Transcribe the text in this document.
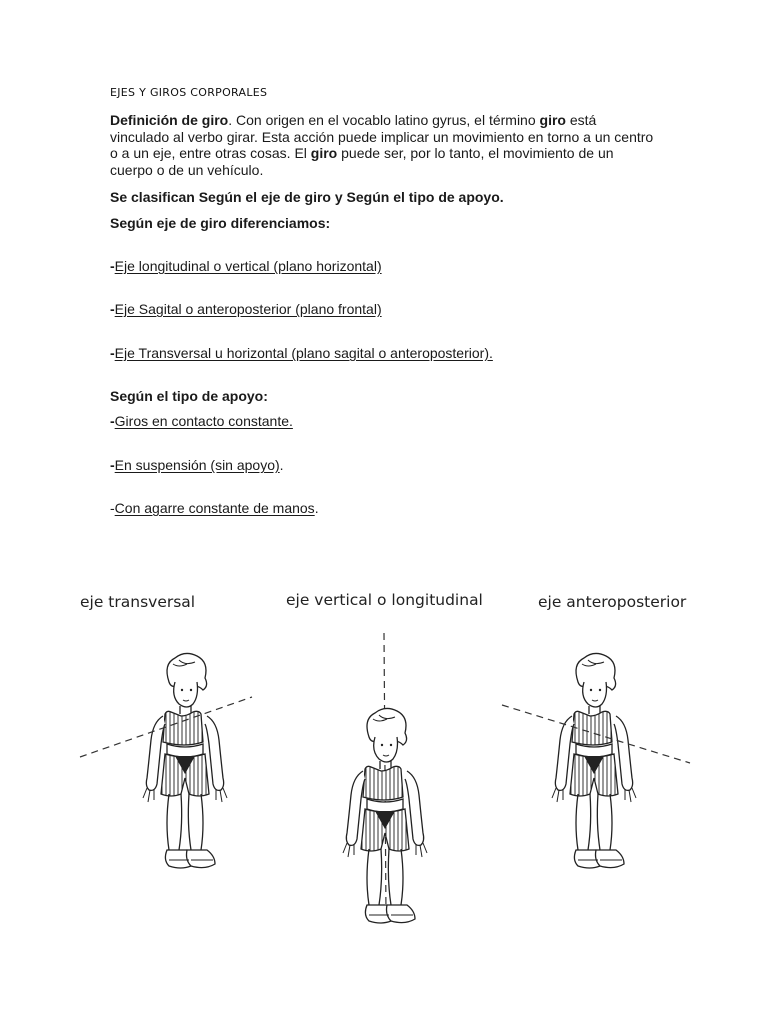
EJES Y GIROS CORPORALES
Definición de giro. Con origen en el vocablo latino gyrus, el término giro está vinculado al verbo girar. Esta acción puede implicar un movimiento en torno a un centro o a un eje, entre otras cosas. El giro puede ser, por lo tanto, el movimiento de un cuerpo o de un vehículo.
Se clasifican Según el eje de giro y Según el tipo de apoyo.
Según eje de giro diferenciamos:
-Eje longitudinal o vertical (plano horizontal)
-Eje Sagital o anteroposterior (plano frontal)
-Eje Transversal u horizontal (plano sagital o anteroposterior).
Según el tipo de apoyo:
-Giros en contacto constante.
-En suspensión (sin apoyo).
-Con agarre constante de manos.
eje transversal	eje vertical o longitudinal	eje anteroposterior
